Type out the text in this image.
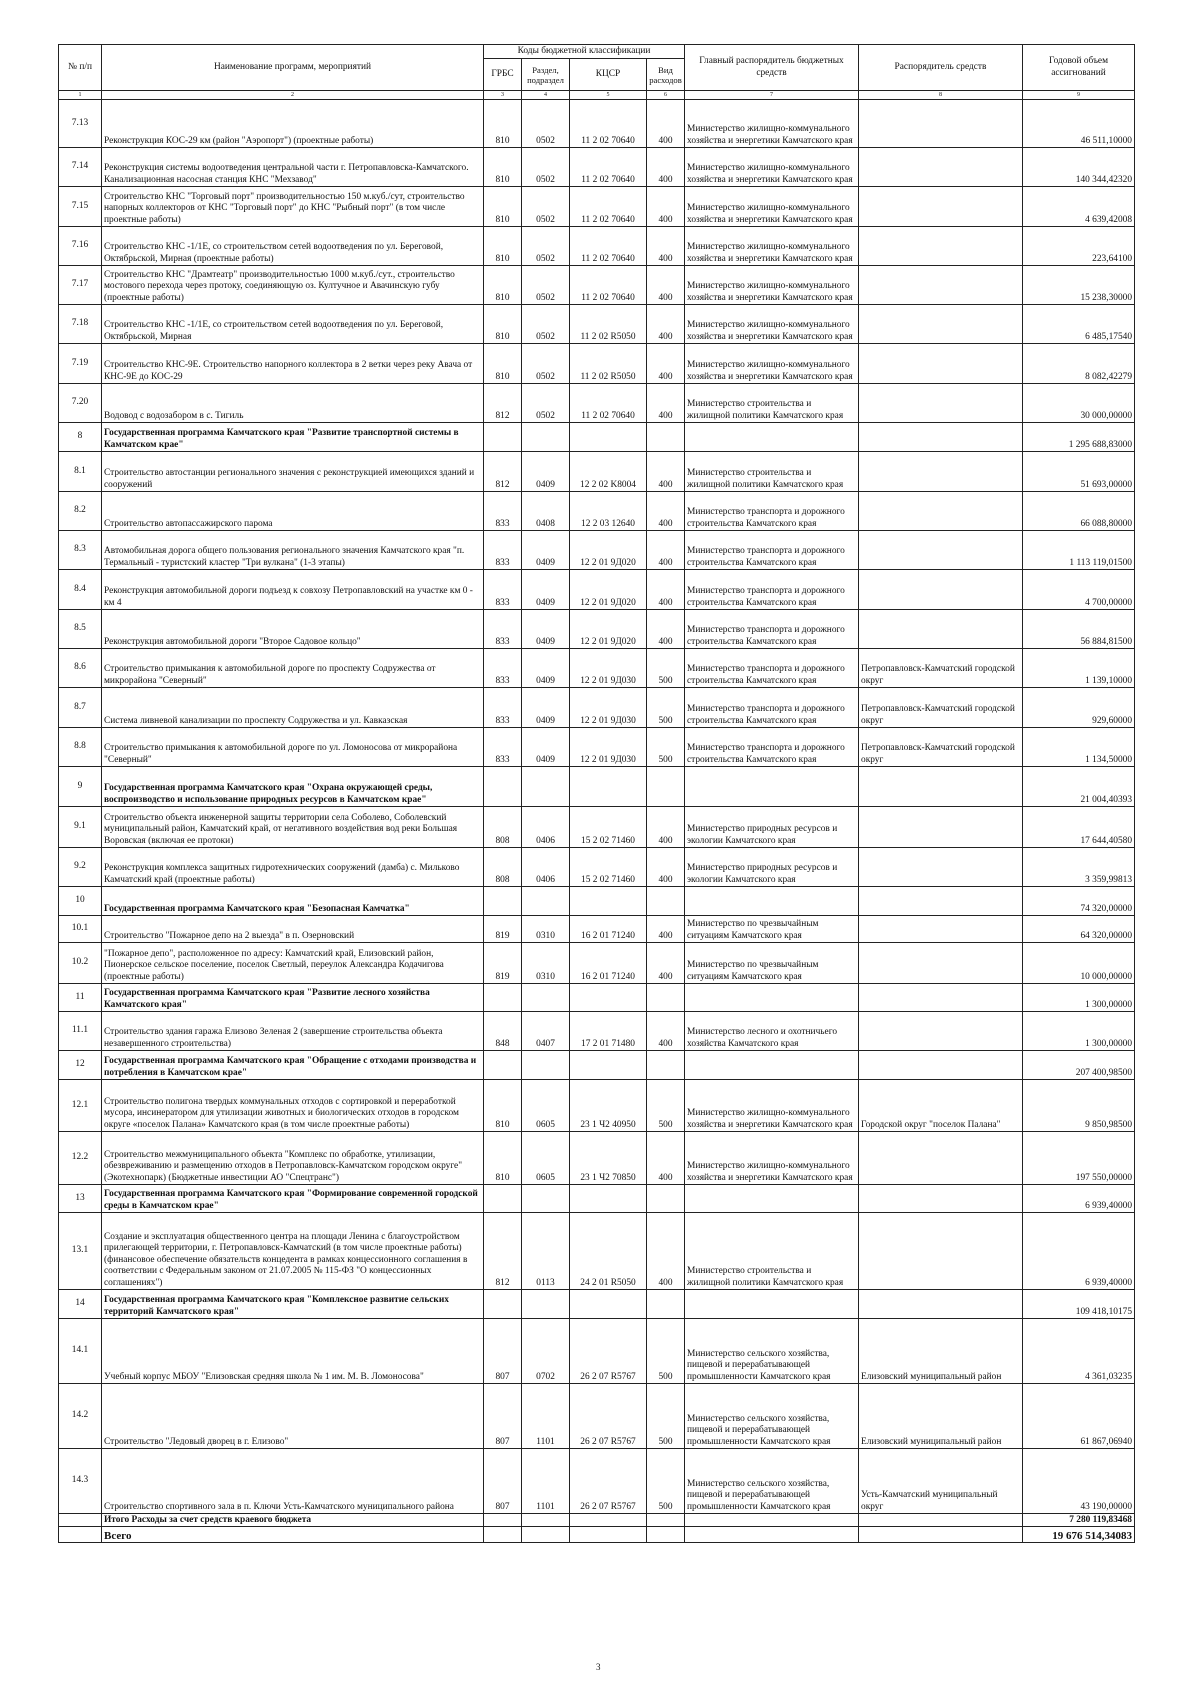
№ п/п	Наименование программ, мероприятий	Коды бюджетной классификации				Главный распорядитель бюджетных средств	Распорядитель средств	Годовой объем ассигнований
		ГРБС	Раздел, подраздел	КЦСР	Вид расходов			
1	2	3	4	5	6	7	8	9
7.13	Реконструкция КОС-29 км (район "Аэропорт") (проектные работы)	810	0502	11 2 02 70640	400	Министерство жилищно-коммунального хозяйства и энергетики Камчатского края		46 511,10000
7.14	Реконструкция системы водоотведения центральной части г. Петропавловска-Камчатского. Канализационная насосная станция КНС "Мехзавод"	810	0502	11 2 02 70640	400	Министерство жилищно-коммунального хозяйства и энергетики Камчатского края		140 344,42320
7.15	Строительство КНС "Торговый порт" производительностью 150 м.куб./сут, строительство напорных коллекторов от КНС "Торговый порт" до КНС "Рыбный порт" (в том числе проектные работы)	810	0502	11 2 02 70640	400	Министерство жилищно-коммунального хозяйства и энергетики Камчатского края		4 639,42008
7.16	Строительство КНС -1/1Е, со строительством сетей водоотведения по ул. Береговой, Октябрьской, Мирная (проектные работы)	810	0502	11 2 02 70640	400	Министерство жилищно-коммунального хозяйства и энергетики Камчатского края		223,64100
7.17	Строительство КНС "Драмтеатр" производительностью 1000 м.куб./сут., строительство мостового перехода через протоку, соединяющую оз. Култучное и Авачинскую губу (проектные работы)	810	0502	11 2 02 70640	400	Министерство жилищно-коммунального хозяйства и энергетики Камчатского края		15 238,30000
7.18	Строительство КНС -1/1Е, со строительством сетей водоотведения по ул. Береговой, Октябрьской, Мирная	810	0502	11 2 02 R5050	400	Министерство жилищно-коммунального хозяйства и энергетики Камчатского края		6 485,17540
7.19	Строительство КНС-9Е. Строительство напорного коллектора в 2 ветки через реку Авача от КНС-9Е до КОС-29	810	0502	11 2 02 R5050	400	Министерство жилищно-коммунального хозяйства и энергетики Камчатского края		8 082,42279
7.20	Водовод с водозабором в с. Тигиль	812	0502	11 2 02 70640	400	Министерство строительства и жилищной политики Камчатского края		30 000,00000
8	Государственная программа Камчатского края "Развитие транспортной системы в Камчатском крае"							1 295 688,83000
8.1	Строительство автостанции регионального значения с реконструкцией имеющихся зданий и сооружений	812	0409	12 2 02 K8004	400	Министерство строительства и жилищной политики Камчатского края		51 693,00000
8.2	Строительство автопассажирского парома	833	0408	12 2 03 12640	400	Министерство транспорта и дорожного строительства Камчатского края		66 088,80000
8.3	Автомобильная дорога общего пользования регионального значения Камчатского края "п. Термальный - туристский кластер "Три вулкана" (1-3 этапы)	833	0409	12 2 01 9Д020	400	Министерство транспорта и дорожного строительства Камчатского края		1 113 119,01500
8.4	Реконструкция автомобильной дороги подъезд к совхозу Петропавловский на участке км 0 - км 4	833	0409	12 2 01 9Д020	400	Министерство транспорта и дорожного строительства Камчатского края		4 700,00000
8.5	Реконструкция автомобильной дороги "Второе Садовое кольцо"	833	0409	12 2 01 9Д020	400	Министерство транспорта и дорожного строительства Камчатского края		56 884,81500
8.6	Строительство примыкания к автомобильной дороге по проспекту Содружества от микрорайона "Северный"	833	0409	12 2 01 9Д030	500	Министерство транспорта и дорожного строительства Камчатского края	Петропавловск-Камчатский городской округ	1 139,10000
8.7	Система ливневой канализации по проспекту Содружества и ул. Кавказская	833	0409	12 2 01 9Д030	500	Министерство транспорта и дорожного строительства Камчатского края	Петропавловск-Камчатский городской округ	929,60000
8.8	Строительство примыкания к автомобильной дороге по ул. Ломоносова от микрорайона "Северный"	833	0409	12 2 01 9Д030	500	Министерство транспорта и дорожного строительства Камчатского края	Петропавловск-Камчатский городской округ	1 134,50000
9	Государственная программа Камчатского края "Охрана окружающей среды, воспроизводство и использование природных ресурсов в Камчатском крае"							21 004,40393
9.1	Строительство объекта инженерной защиты территории села Соболево, Соболевский муниципальный район, Камчатский край, от негативного воздействия вод реки Большая Воровская (включая ее протоки)	808	0406	15 2 02 71460	400	Министерство природных ресурсов и экологии Камчатского края		17 644,40580
9.2	Реконструкция комплекса защитных гидротехнических сооружений (дамба) с. Мильково Камчатский край (проектные работы)	808	0406	15 2 02 71460	400	Министерство природных ресурсов и экологии Камчатского края		3 359,99813
10	Государственная программа Камчатского края "Безопасная Камчатка"							74 320,00000
10.1	Строительство "Пожарное депо на 2 выезда" в п. Озерновский	819	0310	16 2 01 71240	400	Министерство по чрезвычайным ситуациям Камчатского края		64 320,00000
10.2	"Пожарное депо", расположенное по адресу: Камчатский край, Елизовский район, Пионерское сельское поселение, поселок Светлый, переулок Александра Кодачигова (проектные работы)	819	0310	16 2 01 71240	400	Министерство по чрезвычайным ситуациям Камчатского края		10 000,00000
11	Государственная программа Камчатского края "Развитие лесного хозяйства Камчатского края"							1 300,00000
11.1	Строительство здания гаража Елизово Зеленая 2 (завершение строительства объекта незавершенного строительства)	848	0407	17 2 01 71480	400	Министерство лесного и охотничьего хозяйства Камчатского края		1 300,00000
12	Государственная программа Камчатского края "Обращение с отходами производства и потребления в Камчатском крае"							207 400,98500
12.1	Строительство полигона твердых коммунальных отходов с сортировкой и переработкой мусора, инсинератором для утилизации животных и биологических отходов в городском округе «поселок Палана» Камчатского края (в том числе проектные работы)	810	0605	23 1 Ч2 40950	500	Министерство жилищно-коммунального хозяйства и энергетики Камчатского края	Городской округ "поселок Палана"	9 850,98500
12.2	Строительство межмуниципального объекта "Комплекс по обработке, утилизации, обезвреживанию и размещению отходов в Петропавловск-Камчатском городском округе" (Экотехнопарк) (Бюджетные инвестиции АО "Спецтранс")	810	0605	23 1 Ч2 70850	400	Министерство жилищно-коммунального хозяйства и энергетики Камчатского края		197 550,00000
13	Государственная программа Камчатского края "Формирование современной городской среды в Камчатском крае"							6 939,40000
13.1	Создание и эксплуатация общественного центра на площади Ленина с благоустройством прилегающей территории, г. Петропавловск-Камчатский (в том числе проектные работы) (финансовое обеспечение обязательств концедента в рамках концессионного соглашения в соответствии с Федеральным законом от 21.07.2005 № 115-ФЗ "О концессионных соглашениях")	812	0113	24 2 01 R5050	400	Министерство строительства и жилищной политики Камчатского края		6 939,40000
14	Государственная программа Камчатского края "Комплексное развитие сельских территорий Камчатского края"							109 418,10175
14.1	Учебный корпус МБОУ "Елизовская средняя школа № 1 им. М. В. Ломоносова"	807	0702	26 2 07 R5767	500	Министерство сельского хозяйства, пищевой и перерабатывающей промышленности Камчатского края	Елизовский муниципальный район	4 361,03235
14.2	Строительство "Ледовый дворец в г. Елизово"	807	1101	26 2 07 R5767	500	Министерство сельского хозяйства, пищевой и перерабатывающей промышленности Камчатского края	Елизовский муниципальный район	61 867,06940
14.3	Строительство спортивного зала в п. Ключи Усть-Камчатского муниципального района	807	1101	26 2 07 R5767	500	Министерство сельского хозяйства, пищевой и перерабатывающей промышленности Камчатского края	Усть-Камчатский муниципальный округ	43 190,00000
	Итого Расходы за счет средств краевого бюджета							7 280 119,83468
	Всего							19 676 514,34083
3
